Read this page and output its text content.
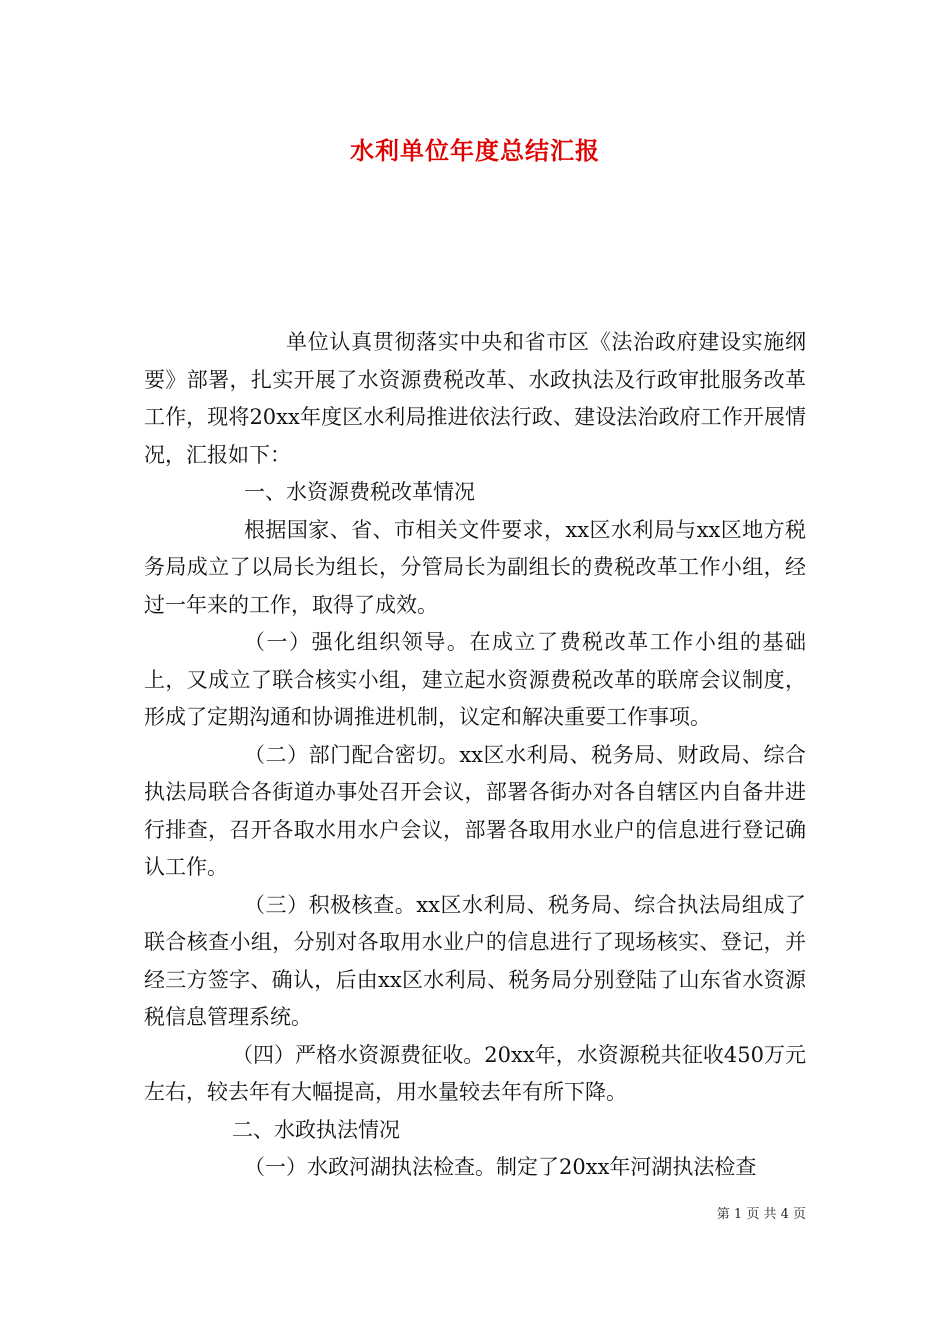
水利单位年度总结汇报

单位认真贯彻落实中央和省市区《法治政府建设实施纲要》部署，扎实开展了水资源费税改革、水政执法及行政审批服务改革工作，现将20xx年度区水利局推进依法行政、建设法治政府工作开展情况，汇报如下：

一、水资源费税改革情况

根据国家、省、市相关文件要求，xx区水利局与xx区地方税务局成立了以局长为组长，分管局长为副组长的费税改革工作小组，经过一年来的工作，取得了成效。

（一）强化组织领导。在成立了费税改革工作小组的基础上，又成立了联合核实小组，建立起水资源费税改革的联席会议制度，形成了定期沟通和协调推进机制，议定和解决重要工作事项。

（二）部门配合密切。xx区水利局、税务局、财政局、综合执法局联合各街道办事处召开会议，部署各街办对各自辖区内自备井进行排查，召开各取水用水户会议，部署各取用水业户的信息进行登记确认工作。

（三）积极核查。xx区水利局、税务局、综合执法局组成了联合核查小组，分别对各取用水业户的信息进行了现场核实、登记，并经三方签字、确认，后由xx区水利局、税务局分别登陆了山东省水资源税信息管理系统。

（四）严格水资源费征收。20xx年，水资源税共征收450万元左右，较去年有大幅提高，用水量较去年有所下降。

二、水政执法情况

（一）水政河湖执法检查。制定了20xx年河湖执法检查

第 1 页 共 4 页
